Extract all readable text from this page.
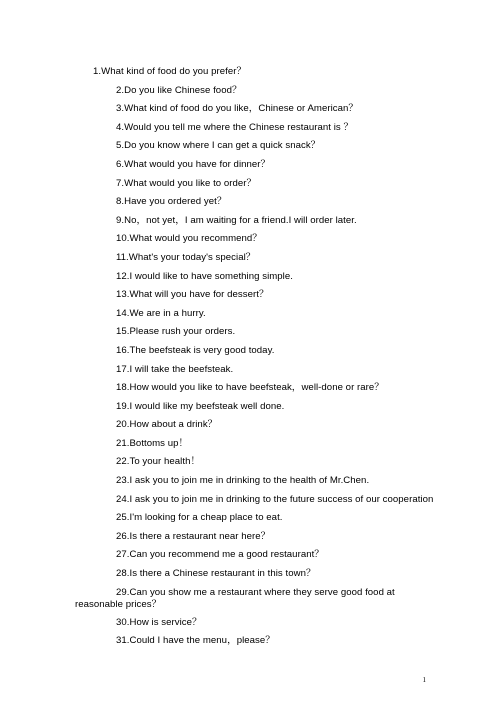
1.What kind of food do you prefer？
2.Do you like Chinese food？
3.What kind of food do you like，Chinese or American？
4.Would you tell me where the Chinese restaurant is ？
5.Do you know where I can get a quick snack？
6.What would you have for dinner？
7.What would you like to order？
8.Have you ordered yet？
9.No，not yet，I am waiting for a friend.I will order later.
10.What would you recommend？
11.What's your today's special？
12.I would like to have something simple.
13.What will you have for dessert？
14.We are in a hurry.
15.Please rush your orders.
16.The beefsteak is very good today.
17.I will take the beefsteak.
18.How would you like to have beefsteak，well-done or rare？
19.I would like my beefsteak well done.
20.How about a drink？
21.Bottoms up！
22.To your health！
23.I ask you to join me in drinking to the health of Mr.Chen.
24.I ask you to join me in drinking to the future success of our cooperation
25.I'm looking for a cheap place to eat.
26.Is there a restaurant near here？
27.Can you recommend me a good restaurant？
28.Is there a Chinese restaurant in this town？
29.Can you show me a restaurant where they serve good food at reasonable prices？
30.How is service？
31.Could I have the menu，please？
1
